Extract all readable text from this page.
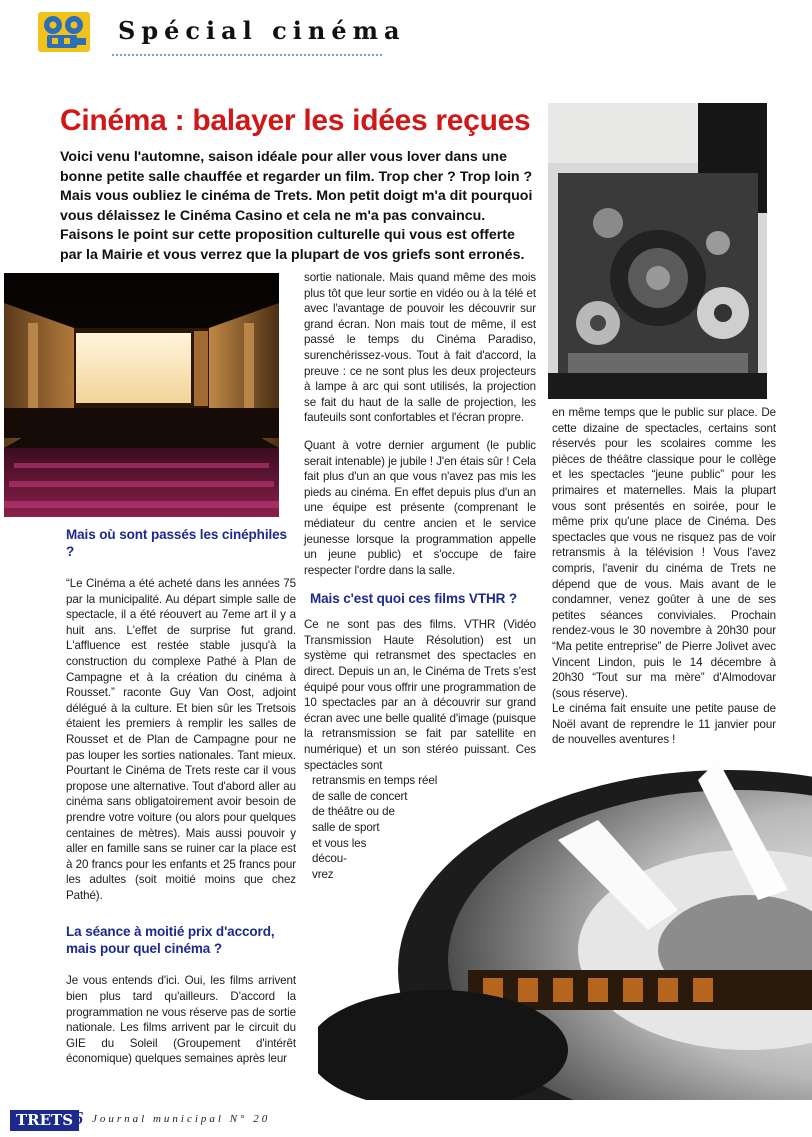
Spécial cinéma
Cinéma : balayer les idées reçues
Voici venu l'automne, saison idéale pour aller vous lover dans une bonne petite salle chauffée et regarder un film. Trop cher ? Trop loin ? Mais vous oubliez le cinéma de Trets. Mon petit doigt m'a dit pourquoi vous délaissez le Cinéma Casino et cela ne m'a pas convaincu. Faisons le point sur cette proposition culturelle qui vous est offerte par la Mairie et vous verrez que la plupart de vos griefs sont erronés.
Mais où sont passés les cinéphiles ?

“Le Cinéma a été acheté dans les années 75 par la municipalité. Au départ simple salle de spectacle, il a été réouvert au 7eme art il y a huit ans. L'effet de surprise fut grand. L'affluence est restée stable jusqu'à la construction du complexe Pathé à Plan de Campagne et à la création du cinéma à Rousset.” raconte Guy Van Oost, adjoint délégué à la culture. Et bien sûr les Tretsois étaient les premiers à remplir les salles de Rousset et de Plan de Campagne pour ne pas louper les sorties nationales. Tant mieux. Pourtant le Cinéma de Trets reste car il vous propose une alternative. Tout d'abord aller au cinéma sans obligatoirement avoir besoin de prendre votre voiture (ou alors pour quelques centaines de mètres). Mais aussi pouvoir y aller en famille sans se ruiner car la place est à 20 francs pour les enfants et 25 francs pour les adultes (soit moitié moins que chez Pathé).

La séance à moitié prix d'accord, mais pour quel cinéma ?

Je vous entends d'ici. Oui, les films arrivent bien plus tard qu'ailleurs. D'accord la programmation ne vous réserve pas de sortie nationale. Les films arrivent par le circuit du GIE du Soleil (Groupement d'intérêt économique) quelques semaines après leur

sortie nationale. Mais quand même des mois plus tôt que leur sortie en vidéo ou à la télé et avec l'avantage de pouvoir les découvrir sur grand écran. Non mais tout de même, il est passé le temps du Cinéma Paradiso, surenchérissez-vous. Tout à fait d'accord, la preuve : ce ne sont plus les deux projecteurs à lampe à arc qui sont utilisés, la projection se fait du haut de la salle de projection, les fauteuils sont confortables et l'écran propre.

Quant à votre dernier argument (le public serait intenable) je jubile ! J'en étais sûr ! Cela fait plus d'un an que vous n'avez pas mis les pieds au cinéma. En effet depuis plus d'un an une équipe est présente (comprenant le médiateur du centre ancien et le service jeunesse lorsque la programmation appelle un jeune public) et s'occupe de faire respecter l'ordre dans la salle.

Mais c'est quoi ces films VTHR ?

Ce ne sont pas des films. VTHR (Vidéo Transmission Haute Résolution) est un système qui retransmet des spectacles en direct. Depuis un an, le Cinéma de Trets s'est équipé pour vous offrir une programmation de 10 spectacles par an à découvrir sur grand écran avec une belle qualité d'image (puisque la retransmission se fait par satellite en numérique) et un son stéréo puissant. Ces spectacles sont

retransmis en temps réel

de salle de concert

de théâtre ou de

salle de sport

et vous les

décou-

vrez

en même temps que le public sur place. De cette dizaine de spectacles, certains sont réservés pour les scolaires comme les pièces de théâtre classique pour le collège et les spectacles “jeune public” pour les primaires et maternelles. Mais la plupart vous sont présentés en soirée, pour le même prix qu'une place de Cinéma. Des spectacles que vous ne risquez pas de voir retransmis à la télévision ! Vous l'avez compris, l'avenir du cinéma de Trets ne dépend que de vous. Mais avant de le condamner, venez goûter à une de ses petites séances conviviales. Prochain rendez-vous le 30 novembre à 20h30 pour “Ma petite entreprise” de Pierre Jolivet avec Vincent Lindon, puis le 14 décembre à 20h30 “Tout sur ma mère” d'Almodovar (sous réserve).

Le cinéma fait ensuite une petite pause de Noël avant de reprendre le 11 janvier pour de nouvelles aventures !

TRETS 6 Journal municipal N° 20
